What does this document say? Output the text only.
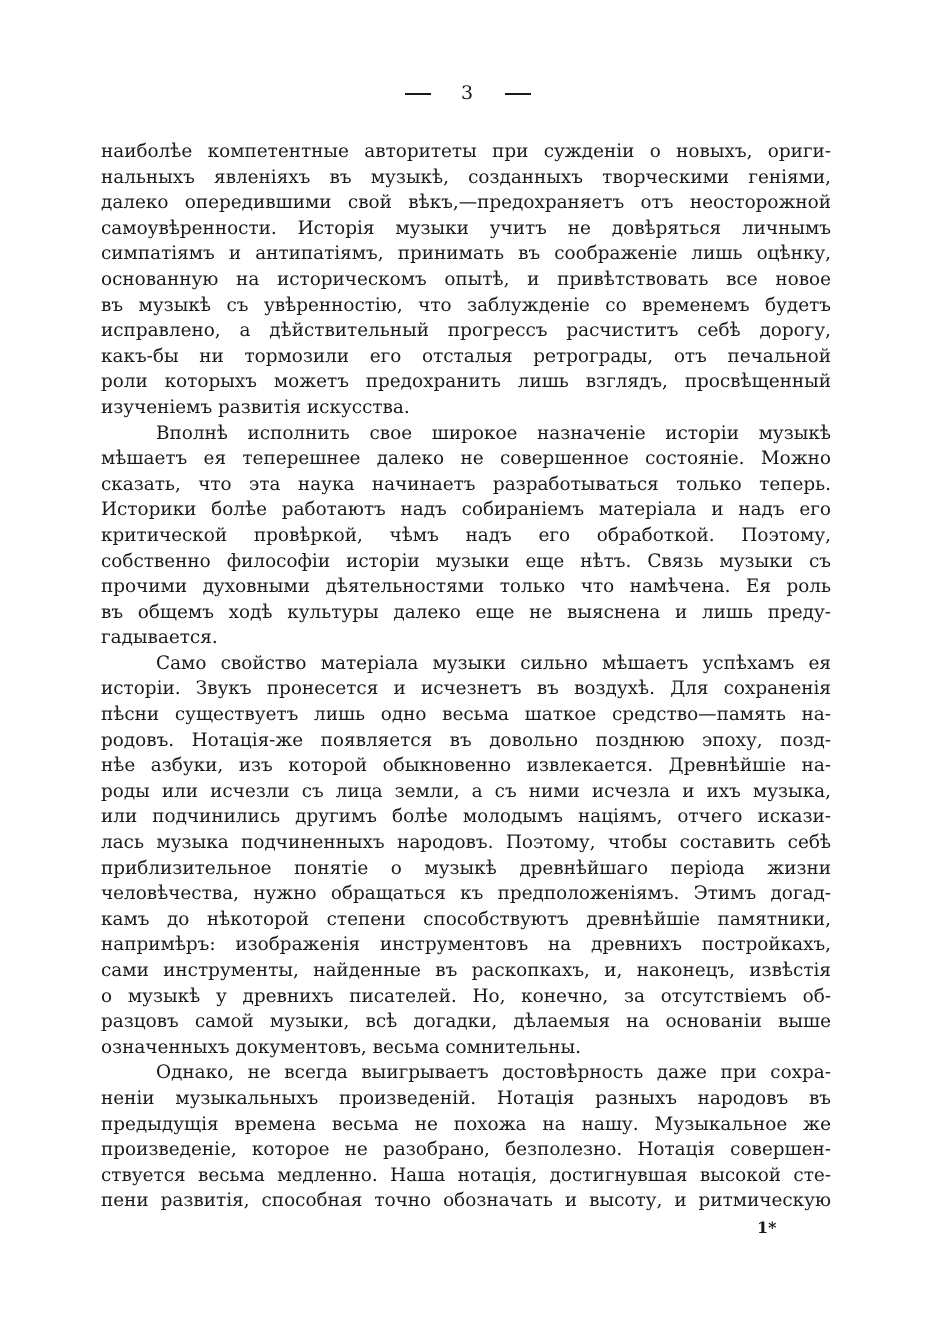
3
наиболѣе компетентные авторитеты при сужденіи о новыхъ, ориги-
нальныхъ явленіяхъ въ музыкѣ, созданныхъ творческими геніями,
далеко опередившими свой вѣкъ,—предохраняетъ отъ неосторожной
самоувѣренности. Исторія музыки учитъ не довѣряться личнымъ
симпатіямъ и антипатіямъ, принимать въ соображеніе лишь оцѣнку,
основанную на историческомъ опытѣ, и привѣтствовать все новое
въ музыкѣ съ увѣренностію, что заблужденіе со временемъ будетъ
исправлено, а дѣйствительный прогрессъ расчиститъ себѣ дорогу,
какъ-бы ни тормозили его отсталыя ретрограды, отъ печальной
роли которыхъ можетъ предохранить лишь взглядъ, просвѣщенный
изученіемъ развитія искусства.
Вполнѣ исполнить свое широкое назначеніе исторіи музыкѣ
мѣшаетъ ея теперешнее далеко не совершенное состояніе. Можно
сказать, что эта наука начинаетъ разработываться только теперь.
Историки болѣе работаютъ надъ собираніемъ матеріала и надъ его
критической провѣркой, чѣмъ надъ его обработкой. Поэтому,
собственно философіи исторіи музыки еще нѣтъ. Связь музыки съ
прочими духовными дѣятельностями только что намѣчена. Ея роль
въ общемъ ходѣ культуры далеко еще не выяснена и лишь преду-
гадывается.
Само свойство матеріала музыки сильно мѣшаетъ успѣхамъ ея
исторіи. Звукъ пронесется и исчезнетъ въ воздухѣ. Для сохраненія
пѣсни существуетъ лишь одно весьма шаткое средство—память на-
родовъ. Нотація-же появляется въ довольно позднюю эпоху, позд-
нѣе азбуки, изъ которой обыкновенно извлекается. Древнѣйшіе на-
роды или исчезли съ лица земли, а съ ними исчезла и ихъ музыка,
или подчинились другимъ болѣе молодымъ націямъ, отчего искази-
лась музыка подчиненныхъ народовъ. Поэтому, чтобы составить себѣ
приблизительное понятіе о музыкѣ древнѣйшаго періода жизни
человѣчества, нужно обращаться къ предположеніямъ. Этимъ догад-
камъ до нѣкоторой степени способствуютъ древнѣйшіе памятники,
напримѣръ: изображенія инструментовъ на древнихъ постройкахъ,
сами инструменты, найденные въ раскопкахъ, и, наконецъ, извѣстія
о музыкѣ у древнихъ писателей. Но, конечно, за отсутствіемъ об-
разцовъ самой музыки, всѣ догадки, дѣлаемыя на основаніи выше
означенныхъ документовъ, весьма сомнительны.
Однако, не всегда выигрываетъ достовѣрность даже при сохра-
неніи музыкальныхъ произведеній. Нотація разныхъ народовъ въ
предыдущія времена весьма не похожа на нашу. Музыкальное же
произведеніе, которое не разобрано, безполезно. Нотація совершен-
ствуется весьма медленно. Наша нотація, достигнувшая высокой сте-
пени развитія, способная точно обозначать и высоту, и ритмическую
1*
